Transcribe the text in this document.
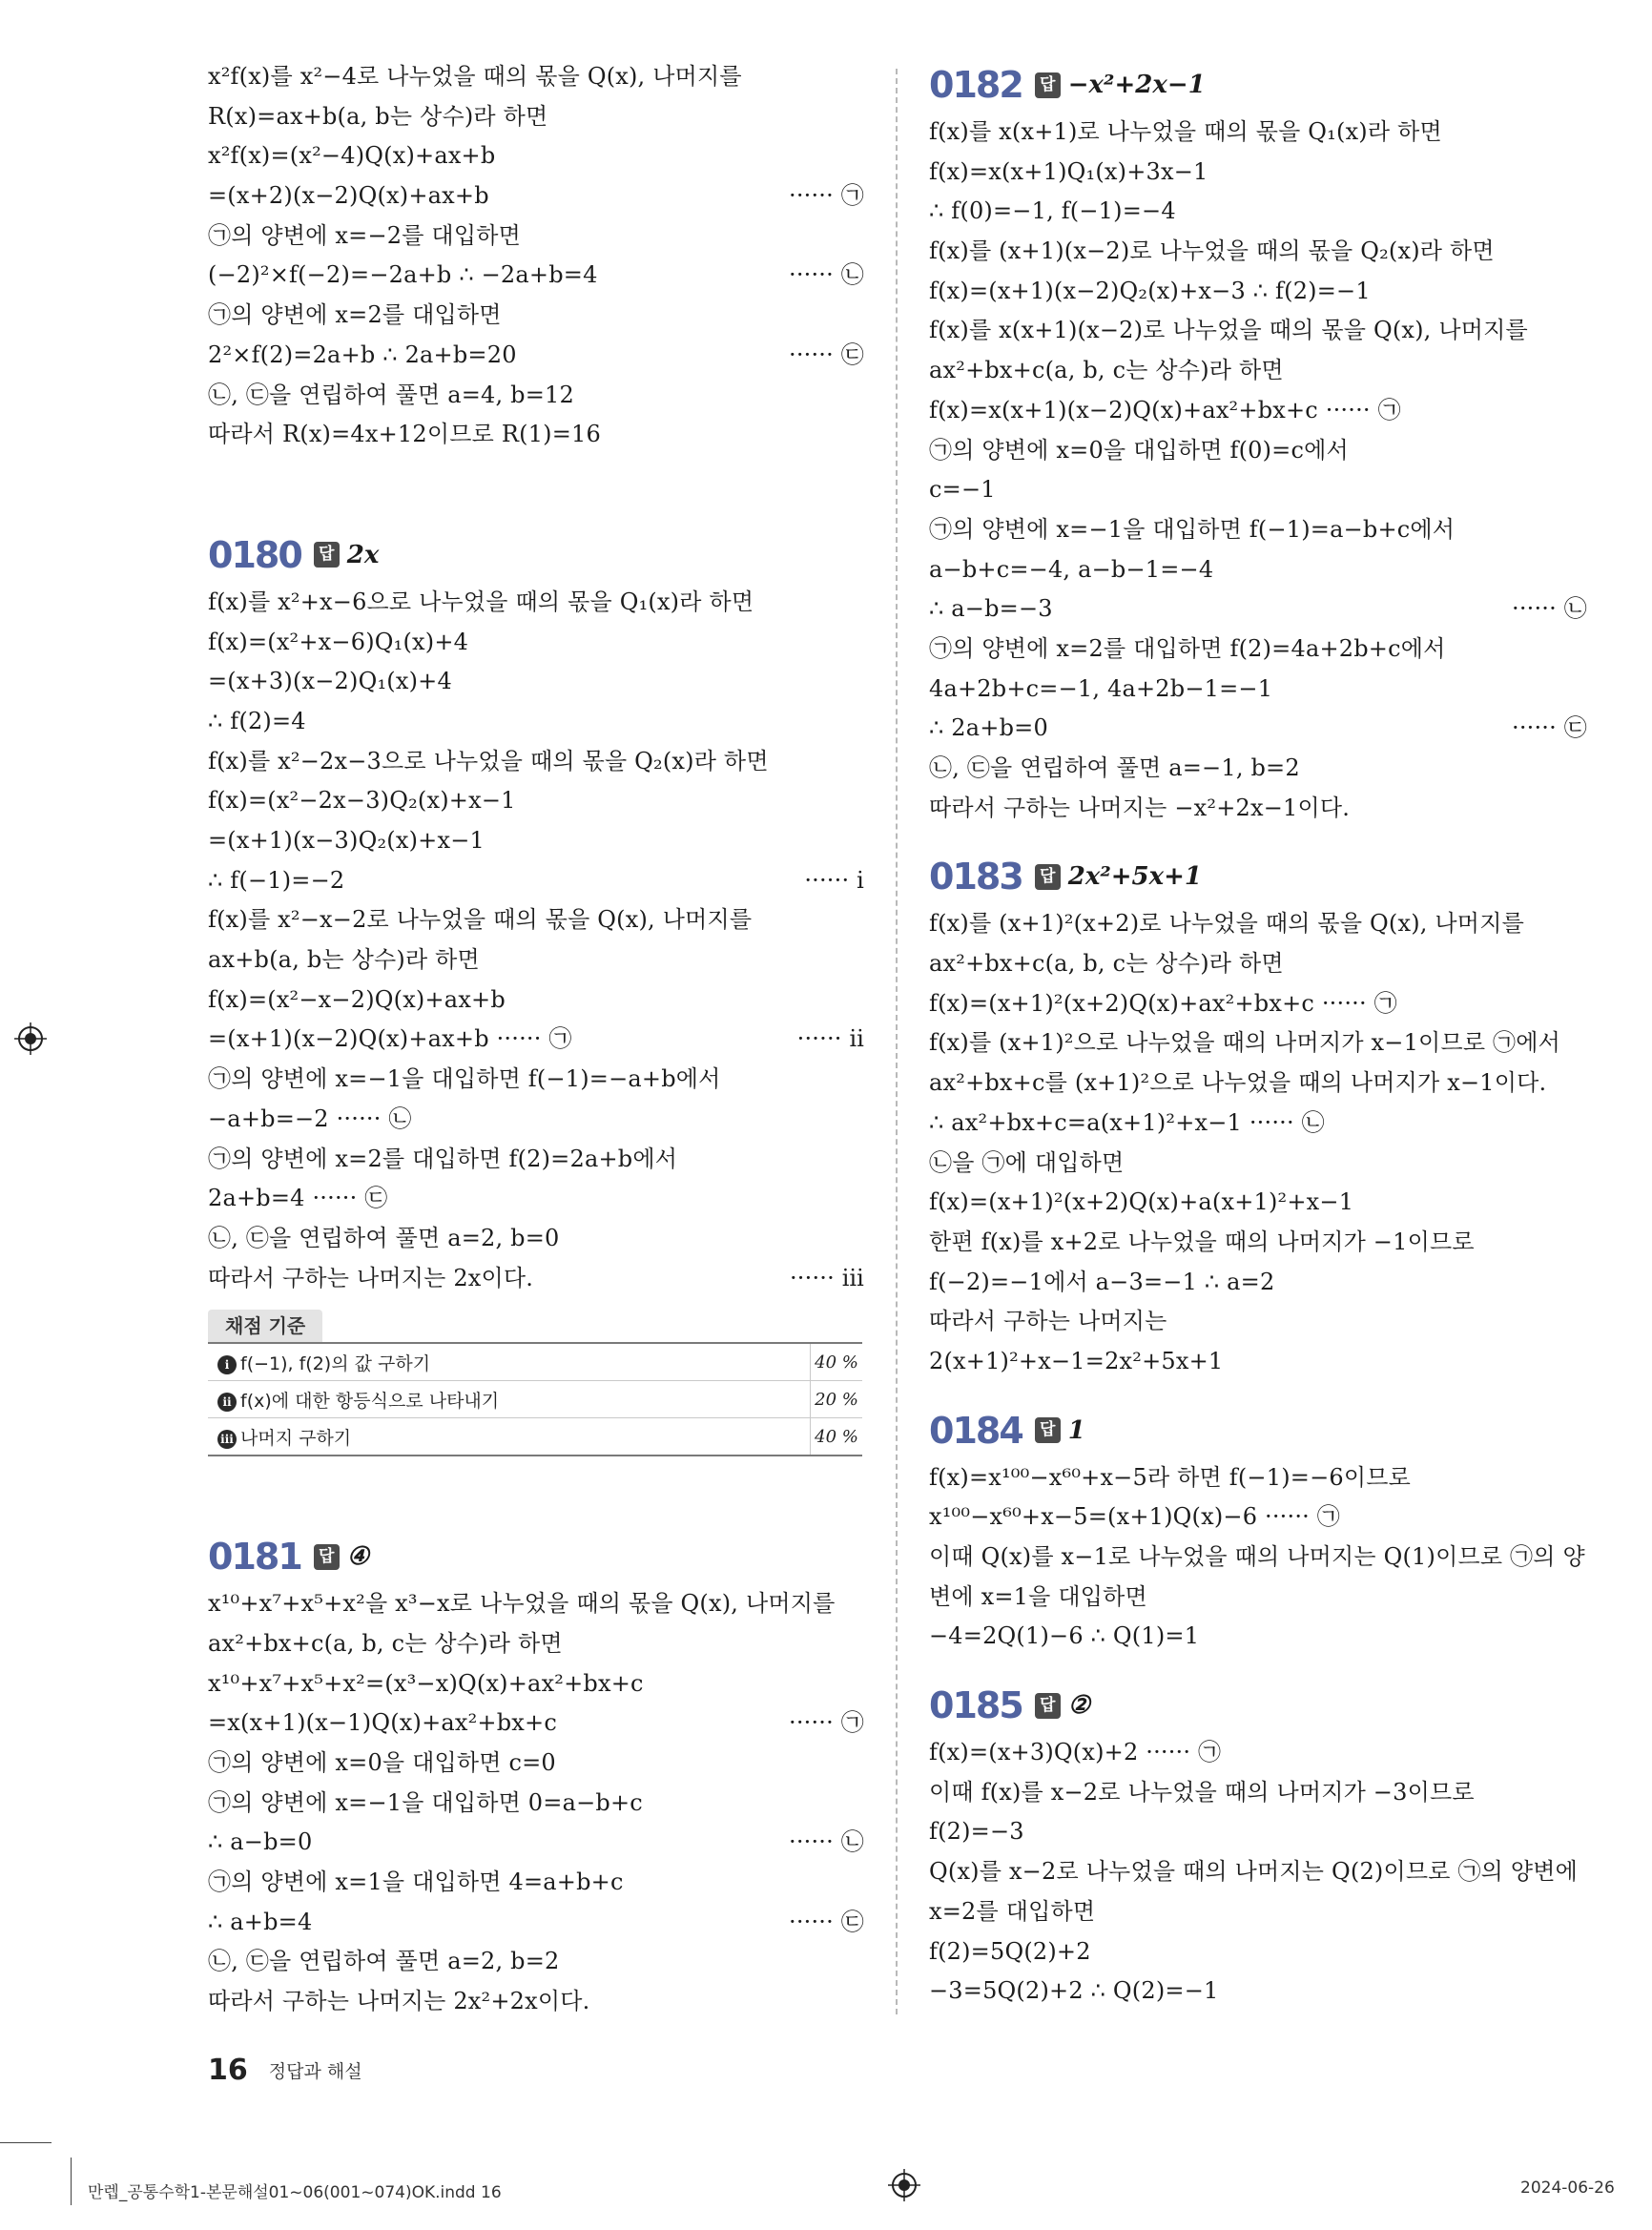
x²f(x)를 x²−4로 나누었을 때의 몫을 Q(x), 나머지를
R(x)=ax+b(a, b는 상수)라 하면
x²f(x)=(x²−4)Q(x)+ax+b
=(x+2)(x−2)Q(x)+ax+b	······ ㉠
㉠의 양변에 x=−2를 대입하면
(−2)²×f(−2)=−2a+b ∴ −2a+b=4	······ ㉡
㉠의 양변에 x=2를 대입하면
2²×f(2)=2a+b ∴ 2a+b=20	······ ㉢
㉡, ㉢을 연립하여 풀면 a=4, b=12
따라서 R(x)=4x+12이므로 R(1)=16
0180	답 2x
f(x)를 x²+x−6으로 나누었을 때의 몫을 Q₁(x)라 하면
f(x)=(x²+x−6)Q₁(x)+4
=(x+3)(x−2)Q₁(x)+4
∴ f(2)=4
f(x)를 x²−2x−3으로 나누었을 때의 몫을 Q₂(x)라 하면
f(x)=(x²−2x−3)Q₂(x)+x−1
=(x+1)(x−3)Q₂(x)+x−1
∴ f(−1)=−2	······ ⅰ
f(x)를 x²−x−2로 나누었을 때의 몫을 Q(x), 나머지를
ax+b(a, b는 상수)라 하면
f(x)=(x²−x−2)Q(x)+ax+b
=(x+1)(x−2)Q(x)+ax+b ······ ㉠	······ ⅱ
㉠의 양변에 x=−1을 대입하면 f(−1)=−a+b에서
−a+b=−2 ······ ㉡
㉠의 양변에 x=2를 대입하면 f(2)=2a+b에서
2a+b=4 ······ ㉢
㉡, ㉢을 연립하여 풀면 a=2, b=0
따라서 구하는 나머지는 2x이다.	······ ⅲ
채점 기준
ⅰ f(−1), f(2)의 값 구하기	40 %
ⅱ f(x)에 대한 항등식으로 나타내기	20 %
ⅲ 나머지 구하기	40 %
0181	답 ④
x¹⁰+x⁷+x⁵+x²을 x³−x로 나누었을 때의 몫을 Q(x), 나머지를
ax²+bx+c(a, b, c는 상수)라 하면
x¹⁰+x⁷+x⁵+x²=(x³−x)Q(x)+ax²+bx+c
=x(x+1)(x−1)Q(x)+ax²+bx+c	······ ㉠
㉠의 양변에 x=0을 대입하면 c=0
㉠의 양변에 x=−1을 대입하면 0=a−b+c
∴ a−b=0	······ ㉡
㉠의 양변에 x=1을 대입하면 4=a+b+c
∴ a+b=4	······ ㉢
㉡, ㉢을 연립하여 풀면 a=2, b=2
따라서 구하는 나머지는 2x²+2x이다.
0182	답 −x²+2x−1
f(x)를 x(x+1)로 나누었을 때의 몫을 Q₁(x)라 하면
f(x)=x(x+1)Q₁(x)+3x−1
∴ f(0)=−1, f(−1)=−4
f(x)를 (x+1)(x−2)로 나누었을 때의 몫을 Q₂(x)라 하면
f(x)=(x+1)(x−2)Q₂(x)+x−3 ∴ f(2)=−1
f(x)를 x(x+1)(x−2)로 나누었을 때의 몫을 Q(x), 나머지를
ax²+bx+c(a, b, c는 상수)라 하면
f(x)=x(x+1)(x−2)Q(x)+ax²+bx+c ······ ㉠
㉠의 양변에 x=0을 대입하면 f(0)=c에서
c=−1
㉠의 양변에 x=−1을 대입하면 f(−1)=a−b+c에서
a−b+c=−4, a−b−1=−4
∴ a−b=−3	······ ㉡
㉠의 양변에 x=2를 대입하면 f(2)=4a+2b+c에서
4a+2b+c=−1, 4a+2b−1=−1
∴ 2a+b=0	······ ㉢
㉡, ㉢을 연립하여 풀면 a=−1, b=2
따라서 구하는 나머지는 −x²+2x−1이다.
0183	답 2x²+5x+1
f(x)를 (x+1)²(x+2)로 나누었을 때의 몫을 Q(x), 나머지를
ax²+bx+c(a, b, c는 상수)라 하면
f(x)=(x+1)²(x+2)Q(x)+ax²+bx+c ······ ㉠
f(x)를 (x+1)²으로 나누었을 때의 나머지가 x−1이므로 ㉠에서
ax²+bx+c를 (x+1)²으로 나누었을 때의 나머지가 x−1이다.
∴ ax²+bx+c=a(x+1)²+x−1 ······ ㉡
㉡을 ㉠에 대입하면
f(x)=(x+1)²(x+2)Q(x)+a(x+1)²+x−1
한편 f(x)를 x+2로 나누었을 때의 나머지가 −1이므로
f(−2)=−1에서 a−3=−1 ∴ a=2
따라서 구하는 나머지는
2(x+1)²+x−1=2x²+5x+1
0184	답 1
f(x)=x¹⁰⁰−x⁶⁰+x−5라 하면 f(−1)=−6이므로
x¹⁰⁰−x⁶⁰+x−5=(x+1)Q(x)−6 ······ ㉠
이때 Q(x)를 x−1로 나누었을 때의 나머지는 Q(1)이므로 ㉠의 양
변에 x=1을 대입하면
−4=2Q(1)−6 ∴ Q(1)=1
0185	답 ②
f(x)=(x+3)Q(x)+2 ······ ㉠
이때 f(x)를 x−2로 나누었을 때의 나머지가 −3이므로
f(2)=−3
Q(x)를 x−2로 나누었을 때의 나머지는 Q(2)이므로 ㉠의 양변에
x=2를 대입하면
f(2)=5Q(2)+2
−3=5Q(2)+2 ∴ Q(2)=−1
16 정답과 해설
만렙_공통수학1-본문해설01~06(001~074)OK.indd 16	2024-06-26
